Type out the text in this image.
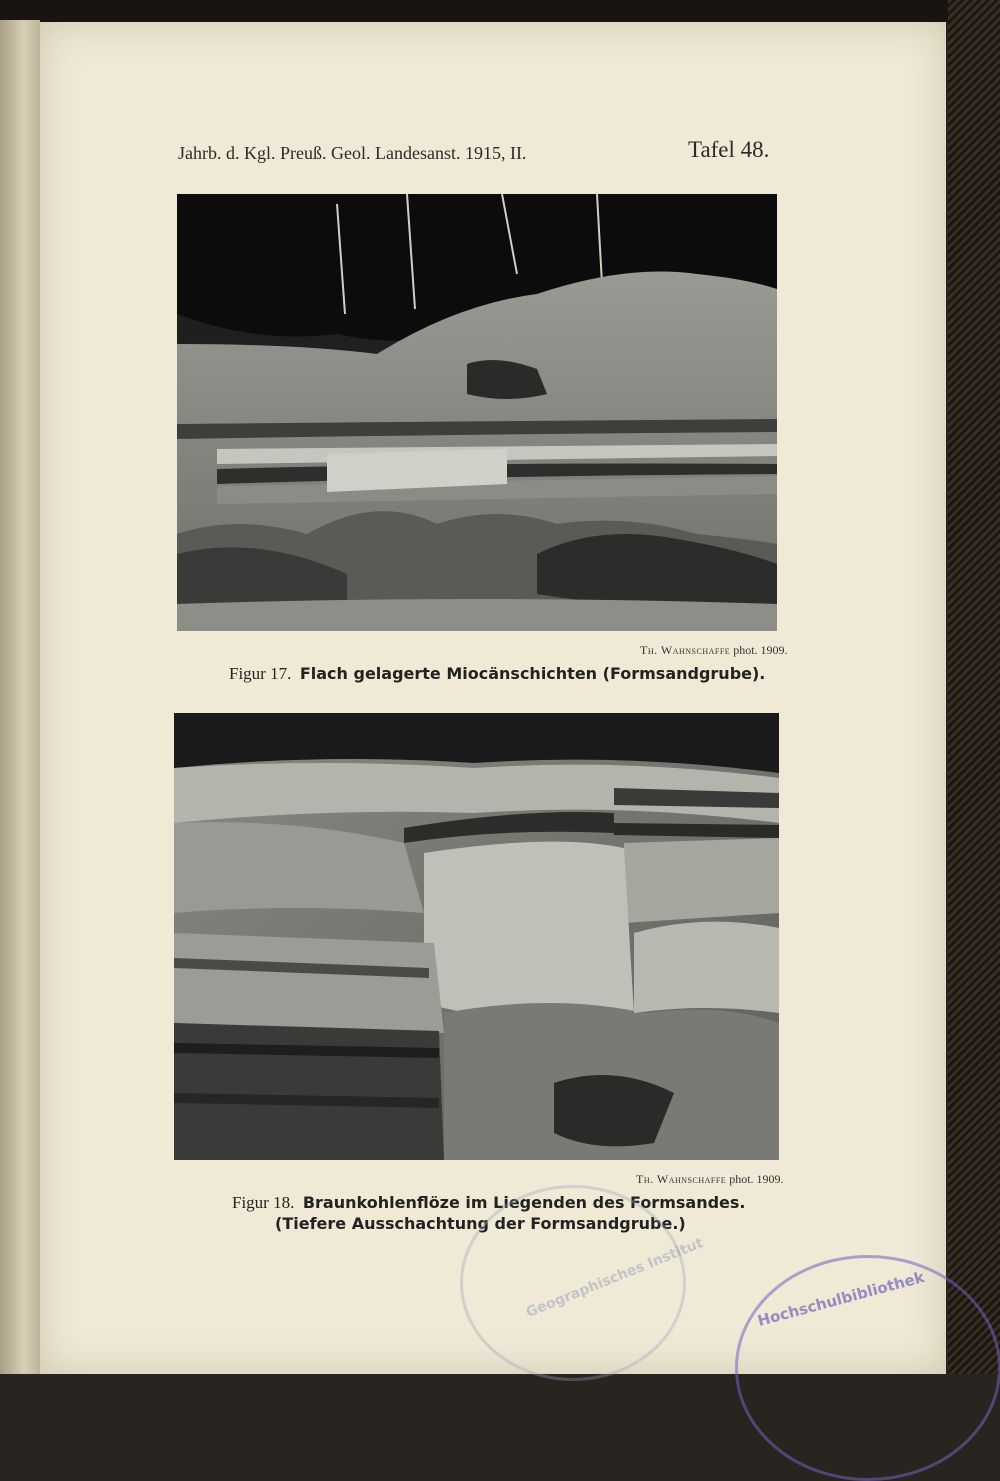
Jahrb. d. Kgl. Preuß. Geol. Landesanst. 1915, II.	Tafel 48.
Th. Wahnschaffe phot. 1909.
Figur 17. Flach gelagerte Miocänschichten (Formsandgrube).
Th. Wahnschaffe phot. 1909.
Figur 18. Braunkohlenflöze im Liegenden des Formsandes.
(Tiefere Ausschachtung der Formsandgrube.)
Geographisches Institut	Hochschulbibliothek
